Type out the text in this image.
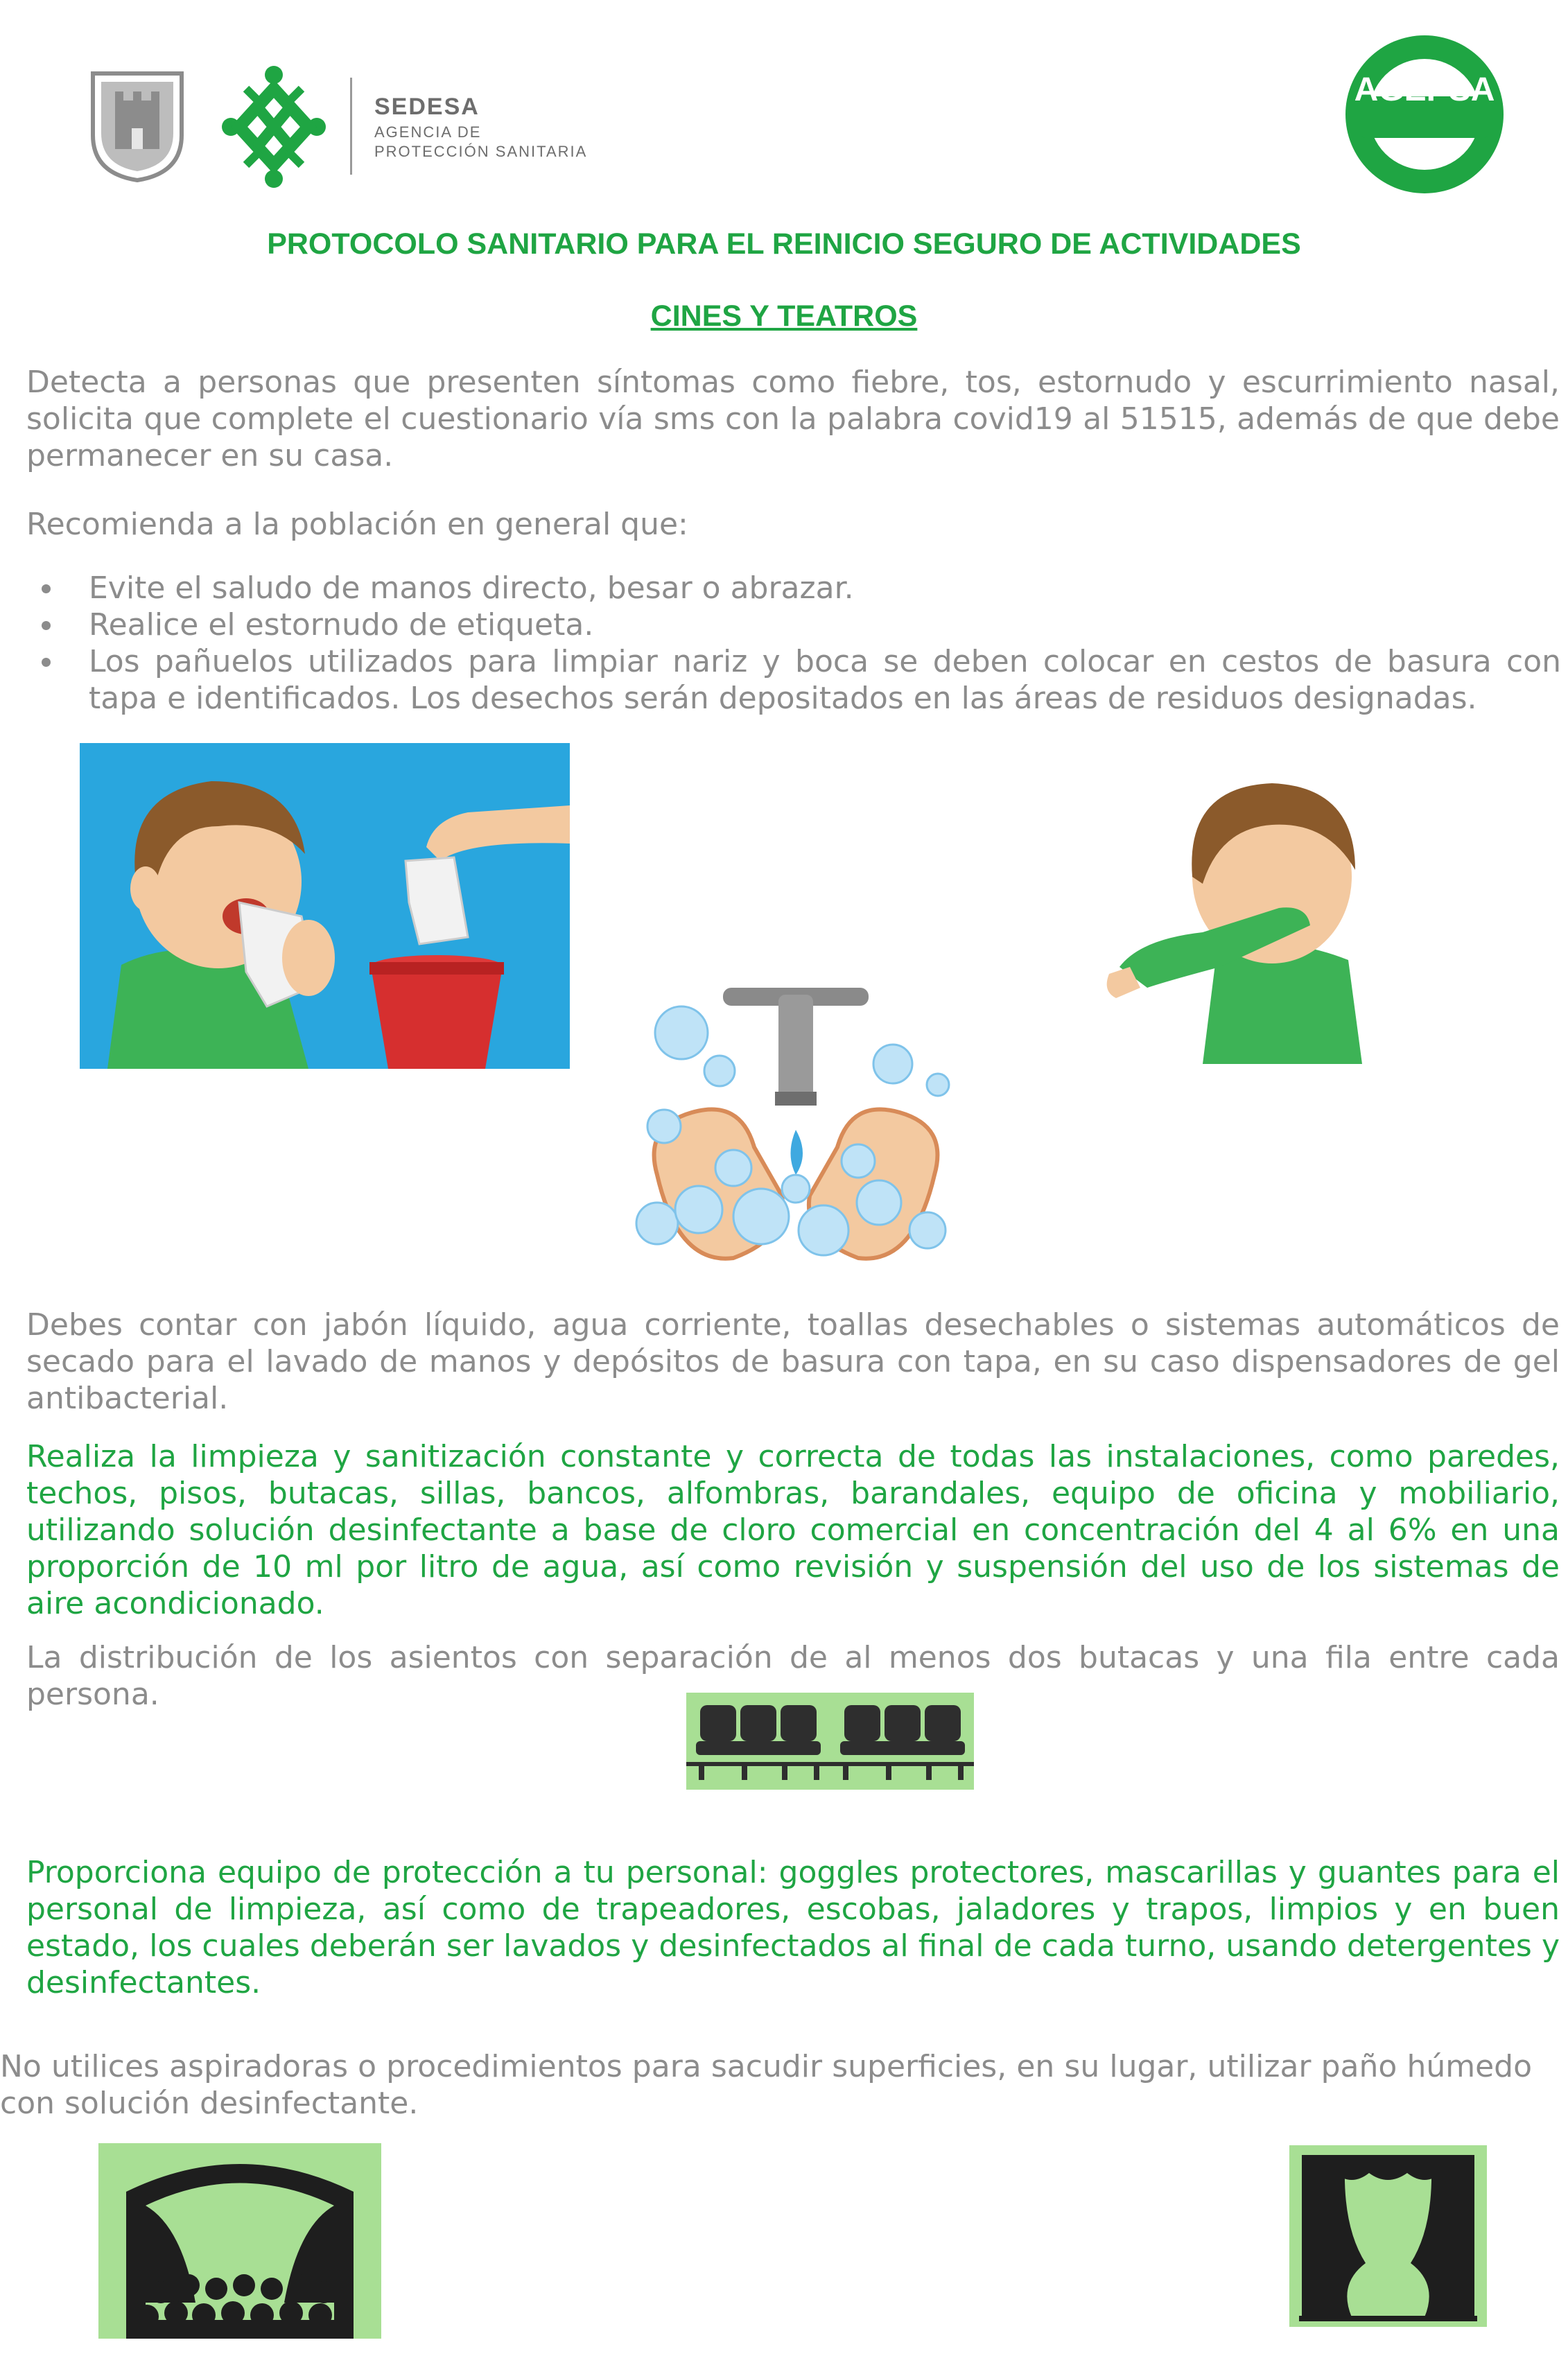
SEDESA
AGENCIA DE
PROTECCIÓN SANITARIA
AGEPSA
PROTOCOLO SANITARIO PARA EL REINICIO SEGURO DE ACTIVIDADES
CINES Y TEATROS

Detecta a personas que presenten síntomas como fiebre, tos, estornudo y escurrimiento nasal, solicita que complete el cuestionario vía sms con la palabra covid19 al 51515, además de que debe permanecer en su casa.

Recomienda a la población en general que:

Evite el saludo de manos directo, besar o abrazar.
Realice el estornudo de etiqueta.
Los pañuelos utilizados para limpiar nariz y boca se deben colocar en cestos de basura con tapa e identificados. Los desechos serán depositados en las áreas de residuos designadas.

Debes contar con jabón líquido, agua corriente, toallas desechables o sistemas automáticos de secado para el lavado de manos y depósitos de basura con tapa, en su caso dispensadores de gel antibacterial.

Realiza la limpieza y sanitización constante y correcta de todas las instalaciones, como paredes, techos, pisos, butacas, sillas, bancos, alfombras, barandales, equipo de oficina y mobiliario, utilizando solución desinfectante a base de cloro comercial en concentración del 4 al 6% en una proporción de 10 ml por litro de agua, así como revisión y suspensión del uso de los sistemas de aire acondicionado.

La distribución de los asientos con separación de al menos dos butacas y una fila entre cada persona.

Proporciona equipo de protección a tu personal: goggles protectores, mascarillas y guantes para el personal de limpieza, así como de trapeadores, escobas, jaladores y trapos, limpios y en buen estado, los cuales deberán ser lavados y desinfectados al final de cada turno, usando detergentes y desinfectantes.

No utilices aspiradoras o procedimientos para sacudir superficies, en su lugar, utilizar paño húmedo con solución desinfectante.
